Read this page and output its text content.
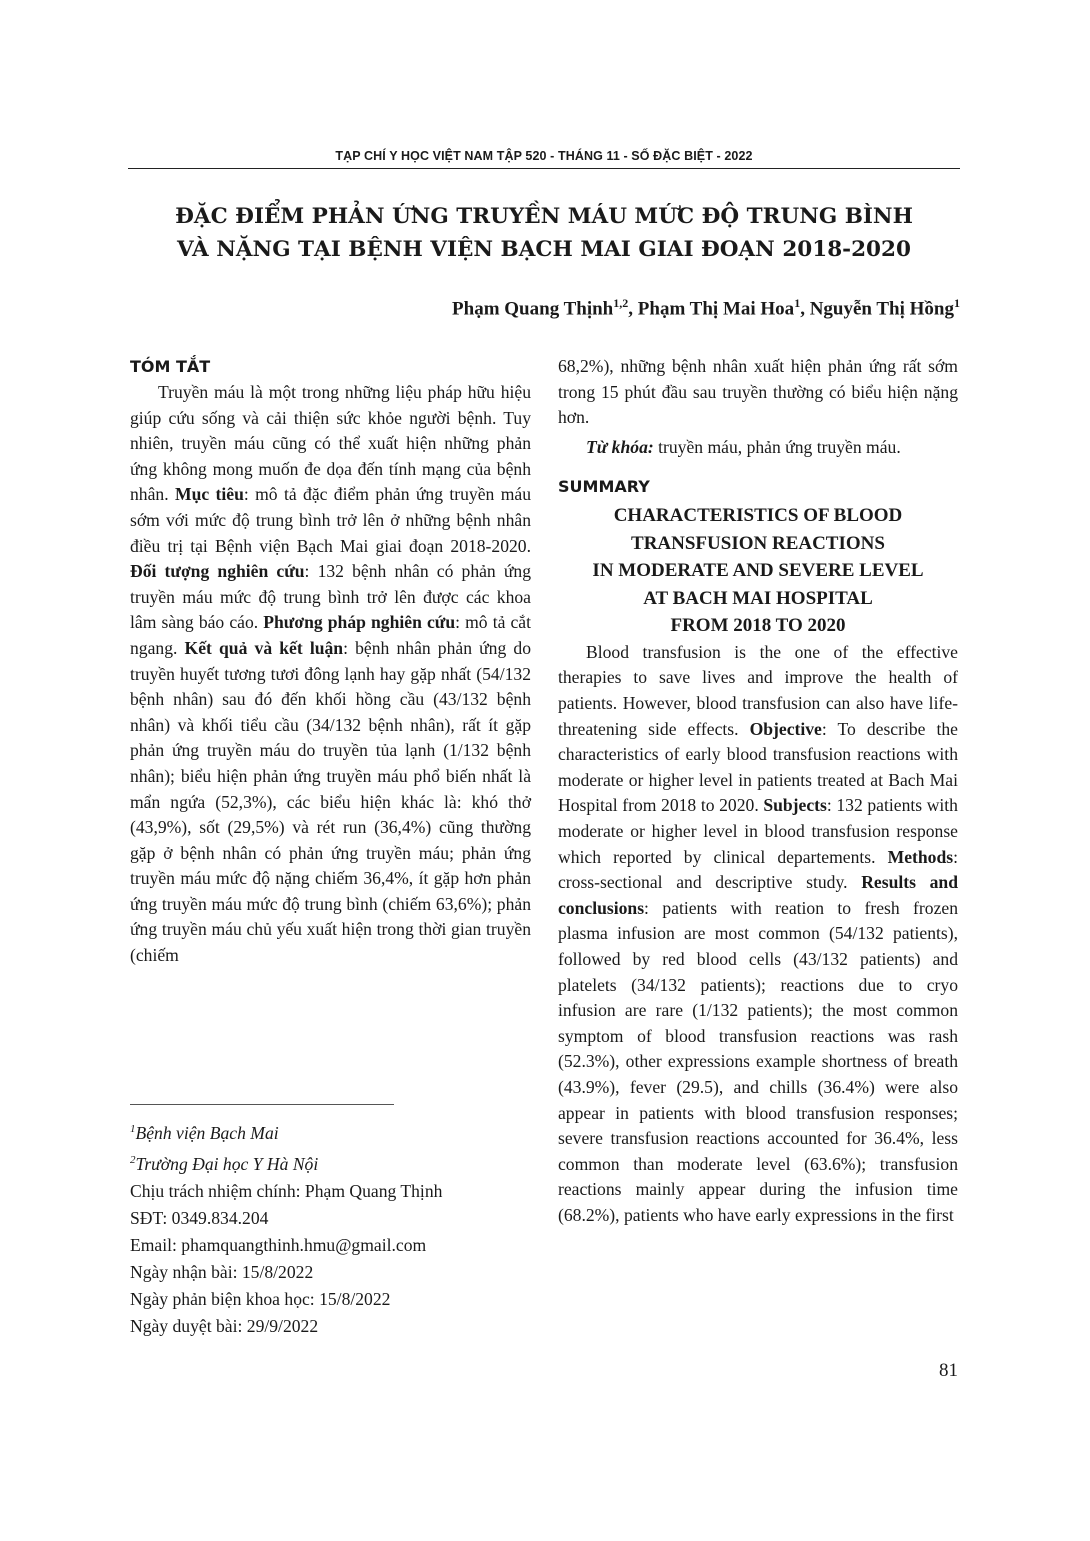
TẠP CHÍ Y HỌC VIỆT NAM TẬP 520 - THÁNG 11 - SỐ ĐẶC BIỆT - 2022
ĐẶC ĐIỂM PHẢN ỨNG TRUYỀN MÁU MỨC ĐỘ TRUNG BÌNH
VÀ NẶNG TẠI BỆNH VIỆN BẠCH MAI GIAI ĐOẠN 2018-2020
Phạm Quang Thịnh$^{1,2}$, Phạm Thị Mai Hoa$^1$, Nguyễn Thị Hồng$^1$
TÓM TẮT

Truyền máu là một trong những liệu pháp hữu hiệu giúp cứu sống và cải thiện sức khỏe người bệnh. Tuy nhiên, truyền máu cũng có thể xuất hiện những phản ứng không mong muốn đe dọa đến tính mạng của bệnh nhân. Mục tiêu: mô tả đặc điểm phản ứng truyền máu sớm với mức độ trung bình trở lên ở những bệnh nhân điều trị tại Bệnh viện Bạch Mai giai đoạn 2018-2020. Đối tượng nghiên cứu: 132 bệnh nhân có phản ứng truyền máu mức độ trung bình trở lên được các khoa lâm sàng báo cáo. Phương pháp nghiên cứu: mô tả cắt ngang. Kết quả và kết luận: bệnh nhân phản ứng do truyền huyết tương tươi đông lạnh hay gặp nhất (54/132 bệnh nhân) sau đó đến khối hồng cầu (43/132 bệnh nhân) và khối tiểu cầu (34/132 bệnh nhân), rất ít gặp phản ứng truyền máu do truyền tủa lạnh (1/132 bệnh nhân); biểu hiện phản ứng truyền máu phổ biến nhất là mẩn ngứa (52,3%), các biểu hiện khác là: khó thở (43,9%), sốt (29,5%) và rét run (36,4%) cũng thường gặp ở bệnh nhân có phản ứng truyền máu; phản ứng truyền máu mức độ nặng chiếm 36,4%, ít gặp hơn phản ứng truyền máu mức độ trung bình (chiếm 63,6%); phản ứng truyền máu chủ yếu xuất hiện trong thời gian truyền (chiếm

68,2%), những bệnh nhân xuất hiện phản ứng rất sớm trong 15 phút đầu sau truyền thường có biểu hiện nặng hơn.

Từ khóa: truyền máu, phản ứng truyền máu.

SUMMARY
CHARACTERISTICS OF BLOOD
TRANSFUSION REACTIONS
IN MODERATE AND SEVERE LEVEL
AT BACH MAI HOSPITAL
FROM 2018 TO 2020

Blood transfusion is the one of the effective therapies to save lives and improve the health of patients. However, blood transfusion can also have life-threatening side effects. Objective: To describe the characteristics of early blood transfusion reactions with moderate or higher level in patients treated at Bach Mai Hospital from 2018 to 2020. Subjects: 132 patients with moderate or higher level in blood transfusion response which reported by clinical departements. Methods: cross-sectional and descriptive study. Results and conclusions: patients with reation to fresh frozen plasma infusion are most common (54/132 patients), followed by red blood cells (43/132 patients) and platelets (34/132 patients); reactions due to cryo infusion are rare (1/132 patients); the most common symptom of blood transfusion reactions was rash (52.3%), other expressions example shortness of breath (43.9%), fever (29.5), and chills (36.4%) were also appear in patients with blood transfusion responses; severe transfusion reactions accounted for 36.4%, less common than moderate level (63.6%); transfusion reactions mainly appear during the infusion time (68.2%), patients who have early expressions in the first

$^1$Bệnh viện Bạch Mai
$^2$Trường Đại học Y Hà Nội
Chịu trách nhiệm chính: Phạm Quang Thịnh
SĐT: 0349.834.204
Email: phamquangthinh.hmu@gmail.com
Ngày nhận bài: 15/8/2022
Ngày phản biện khoa học: 15/8/2022
Ngày duyệt bài: 29/9/2022
81
